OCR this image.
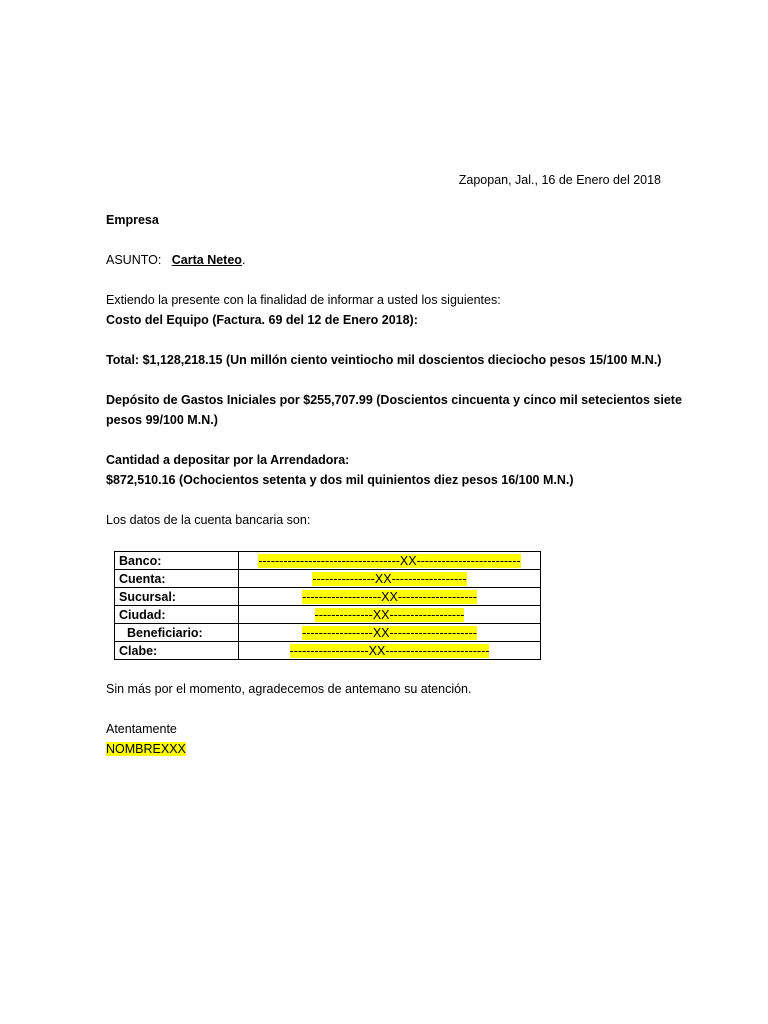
Zapopan, Jal., 16 de Enero del 2018
Empresa
ASUNTO: Carta Neteo.
Extiendo la presente con la finalidad de informar a usted los siguientes:
Costo del Equipo (Factura. 69 del 12 de Enero 2018):
Total: $1,128,218.15 (Un millón ciento veintiocho mil doscientos dieciocho pesos 15/100 M.N.)
Depósito de Gastos Iniciales por $255,707.99 (Doscientos cincuenta y cinco mil setecientos siete
pesos 99/100 M.N.)
Cantidad a depositar por la Arrendadora:
$872,510.16 (Ochocientos setenta y dos mil quinientos diez pesos 16/100 M.N.)
Los datos de la cuenta bancaria son:
Banco:	----------------------------------XX-------------------------
Cuenta:	---------------XX------------------
Sucursal:	-------------------XX-------------------
Ciudad:	--------------XX------------------
Beneficiario:	-----------------XX---------------------
Clabe:	-------------------XX-------------------------
Sin más por el momento, agradecemos de antemano su atención.
Atentamente
NOMBREXXX
